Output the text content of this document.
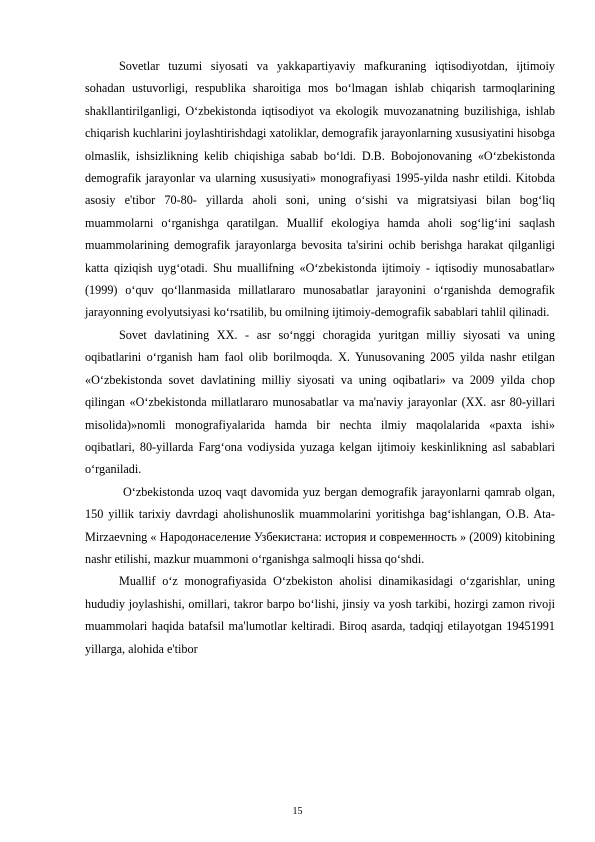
Sovetlar tuzumi siyosati va yakkapartiyaviy mafkuraning iqtisodiyotdan, ijtimoiy sohadan ustuvorligi, respublika sharoitiga mos bo‘lmagan ishlab chiqarish tarmoqlarining shakllantirilganligi, O‘zbekistonda iqtisodiyot va ekologik muvozanatning buzilishiga, ishlab chiqarish kuchlarini joylashtirishdagi xatoliklar, demografik jarayonlarning xususiyatini hisobga olmaslik, ishsizlikning kelib chiqishiga sabab bo‘ldi. D.B. Bobojonovaning «O‘zbekistonda demografik jarayonlar va ularning xususiyati» monografiyasi 1995-yilda nashr etildi. Kitobda asosiy e'tibor 70-80- yillarda aholi soni, uning o‘sishi va migratsiyasi bilan bog‘liq muammolarni o‘rganishga qaratilgan. Muallif ekologiya hamda aholi sog‘lig‘ini saqlash muammolarining demografik jarayonlarga bevosita ta'sirini ochib berishga harakat qilganligi katta qiziqish uyg‘otadi. Shu muallifning «O‘zbekistonda ijtimoiy - iqtisodiy munosabatlar» (1999) o‘quv qo‘llanmasida millatlararo munosabatlar jarayonini o‘rganishda demografik jarayonning evolyutsiyasi ko‘rsatilib, bu omilning ijtimoiy-demografik sabablari tahlil qilinadi.

Sovet davlatining XX. - asr so‘nggi choragida yuritgan milliy siyosati va uning oqibatlarini o‘rganish ham faol olib borilmoqda. X. Yunusovaning 2005 yilda nashr etilgan «O‘zbekistonda sovet davlatining milliy siyosati va uning oqibatlari» va 2009 yilda chop qilingan «O‘zbekistonda millatlararo munosabatlar va ma'naviy jarayonlar (XX. asr 80-yillari misolida)»nomli monografiyalarida hamda bir nechta ilmiy maqolalarida «paxta ishi» oqibatlari, 80-yillarda Farg‘ona vodiysida yuzaga kelgan ijtimoiy keskinlikning asl sabablari o‘rganiladi.

O‘zbekistonda uzoq vaqt davomida yuz bergan demografik jarayonlarni qamrab olgan, 150 yillik tarixiy davrdagi aholishunoslik muammolarini yoritishga bag‘ishlangan, O.B. Ata-Mirzaevning « Народонаселение Узбекистана: история и современность » (2009) kitobining nashr etilishi, mazkur muammoni o‘rganishga salmoqli hissa qo‘shdi.

Muallif o‘z monografiyasida O‘zbekiston aholisi dinamikasidagi o‘zgarishlar, uning hududiy joylashishi, omillari, takror barpo bo‘lishi, jinsiy va yosh tarkibi, hozirgi zamon rivoji muammolari haqida batafsil ma'lumotlar keltiradi. Biroq asarda, tadqiqj etilayotgan 19451991 yillarga, alohida e'tibor

15
